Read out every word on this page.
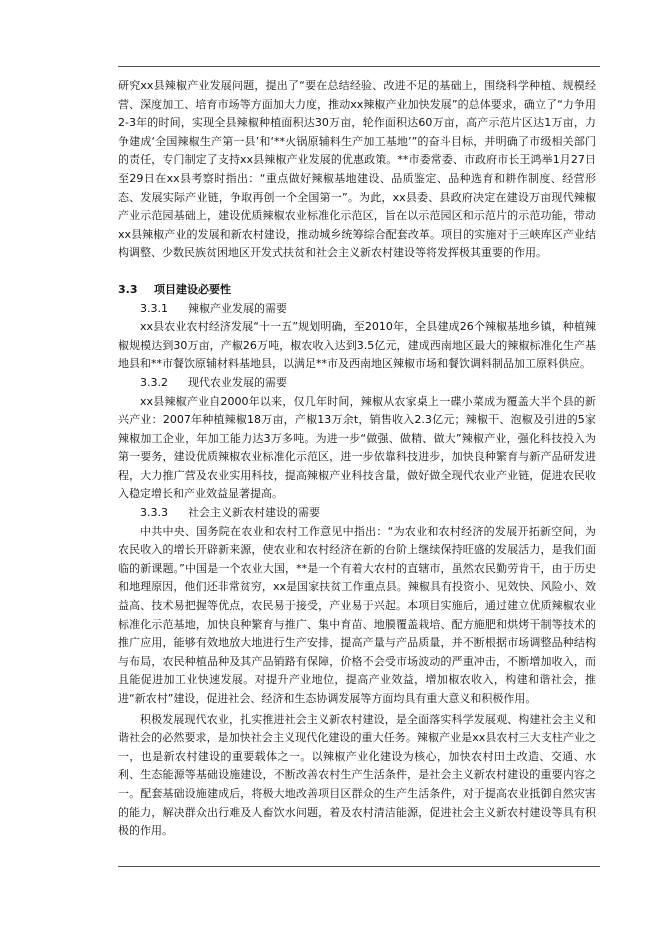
研究xx县辣椒产业发展问题，提出了“要在总结经验、改进不足的基础上，围绕科学种植、规模经营、深度加工、培育市场等方面加大力度，推动xx辣椒产业加快发展”的总体要求，确立了“力争用2-3年的时间，实现全县辣椒种植面积达30万亩，轮作面积达60万亩，高产示范片区达1万亩，力争建成‘全国辣椒生产第一县’和‘**火锅原辅料生产加工基地’”的奋斗目标，并明确了市级相关部门的责任，专门制定了支持xx县辣椒产业发展的优惠政策。**市委常委、市政府市长王鸿举1月27日至29日在xx县考察时指出：“重点做好辣椒基地建设、品质鉴定、品种选育和耕作制度、经营形态、发展实际产业链，争取再创一个全国第一”。为此，xx县委、县政府决定在建设万亩现代辣椒产业示范园基础上，建设优质辣椒农业标准化示范区，旨在以示范园区和示范片的示范功能，带动xx县辣椒产业的发展和新农村建设，推动城乡统筹综合配套改革。项目的实施对于三峡库区产业结构调整、少数民族贫困地区开发式扶贫和社会主义新农村建设等将发挥极其重要的作用。

3.3 项目建设必要性

3.3.1 辣椒产业发展的需要

xx县农业农村经济发展“十一五”规划明确，至2010年，全县建成26个辣椒基地乡镇，种植辣椒规模达到30万亩，产椒26万吨，椒农收入达到3.5亿元，建成西南地区最大的辣椒标准化生产基地县和**市餐饮原辅材料基地县，以满足**市及西南地区辣椒市场和餐饮调料制品加工原料供应。

3.3.2 现代农业发展的需要

xx县辣椒产业自2000年以来，仅几年时间，辣椒从农家桌上一碟小菜成为覆盖大半个县的新兴产业：2007年种植辣椒18万亩，产椒13万余t，销售收入2.3亿元；辣椒干、泡椒及引进的5家辣椒加工企业，年加工能力达3万多吨。为进一步“做强、做精、做大”辣椒产业，强化科技投入为第一要务，建设优质辣椒农业标准化示范区，进一步依靠科技进步，加快良种繁育与新产品研发进程，大力推广营及农业实用科技，提高辣椒产业科技含量，做好做全现代农业产业链，促进农民收入稳定增长和产业效益显著提高。

3.3.3 社会主义新农村建设的需要

中共中央、国务院在农业和农村工作意见中指出：“为农业和农村经济的发展开拓新空间，为农民收入的增长开辟新来源，使农业和农村经济在新的台阶上继续保持旺盛的发展活力，是我们面临的新课题。”中国是一个农业大国，**是一个有着大农村的直辖市，虽然农民勤劳肯干，由于历史和地理原因，他们还非常贫穷，xx是国家扶贫工作重点县。辣椒具有投资小、见效快、风险小、效益高、技术易把握等优点，农民易于接受，产业易于兴起。本项目实施后，通过建立优质辣椒农业标准化示范基地，加快良种繁育与推广、集中育苗、地膜覆盖栽培、配方施肥和烘烤干制等技术的推广应用，能够有效地放大地进行生产安排，提高产量与产品质量，并不断根据市场调整品种结构与布局，农民种植品种及其产品销路有保障，价格不会受市场波动的严重冲击，不断增加收入，而且能促进加工业快速发展。对提升产业地位，提高产业效益，增加椒农收入，构建和谐社会，推进“新农村”建设，促进社会、经济和生态协调发展等方面均具有重大意义和积极作用。

积极发展现代农业，扎实推进社会主义新农村建设，是全面落实科学发展观、构建社会主义和谐社会的必然要求，是加快社会主义现代化建设的重大任务。辣椒产业是xx县农村三大支柱产业之一，也是新农村建设的重要载体之一。以辣椒产业化建设为核心，加快农村田土改造、交通、水利、生态能源等基础设施建设，不断改善农村生产生活条件，是社会主义新农村建设的重要内容之一。配套基础设施建成后，将极大地改善项目区群众的生产生活条件，对于提高农业抵御自然灾害的能力，解决群众出行难及人畜饮水问题，着及农村清洁能源，促进社会主义新农村建设等具有积极的作用。
